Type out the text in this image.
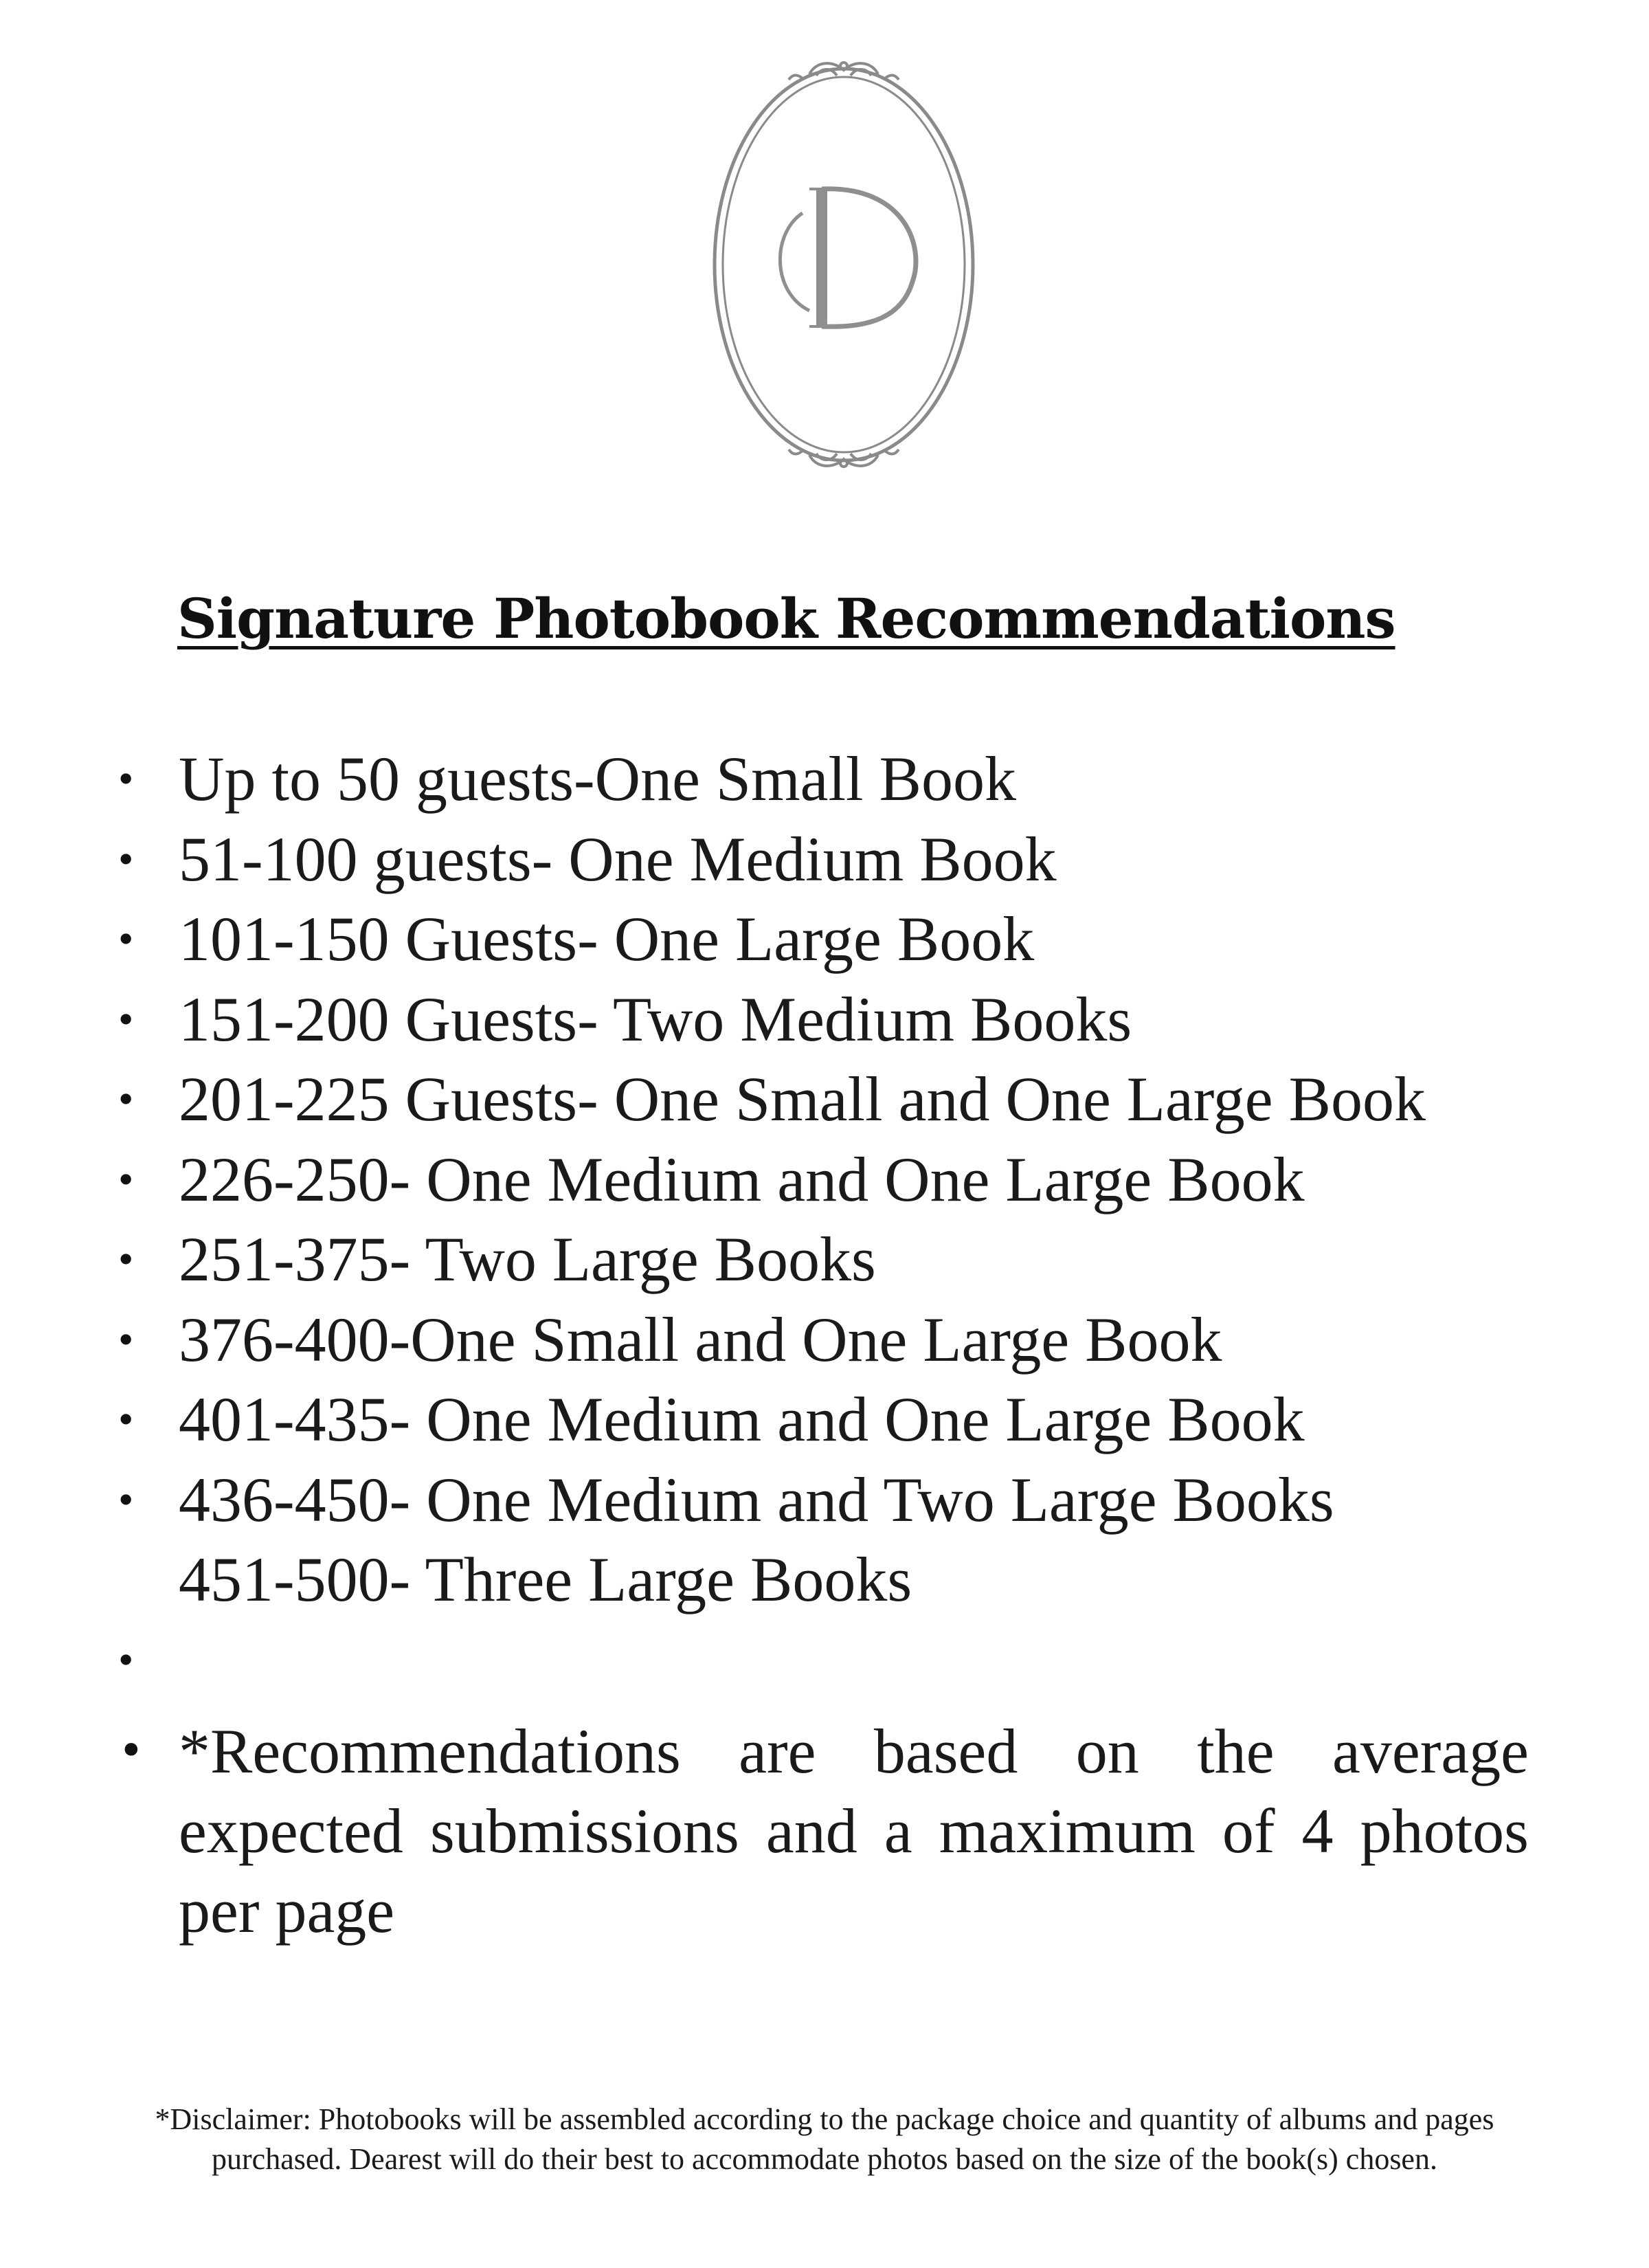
Signature Photobook Recommendations
• Up to 50 guests-One Small Book
• 51-100 guests- One Medium Book
• 101-150 Guests- One Large Book
• 151-200 Guests- Two Medium Books
• 201-225 Guests- One Small and One Large Book
• 226-250- One Medium and One Large Book
• 251-375- Two Large Books
• 376-400-One Small and One Large Book
• 401-435- One Medium and One Large Book
• 436-450- One Medium and Two Large Books
451-500- Three Large Books
•
• *Recommendations are based on the average expected submissions and a maximum of 4 photos per page

*Disclaimer: Photobooks will be assembled according to the package choice and quantity of albums and pages purchased. Dearest will do their best to accommodate photos based on the size of the book(s) chosen.
